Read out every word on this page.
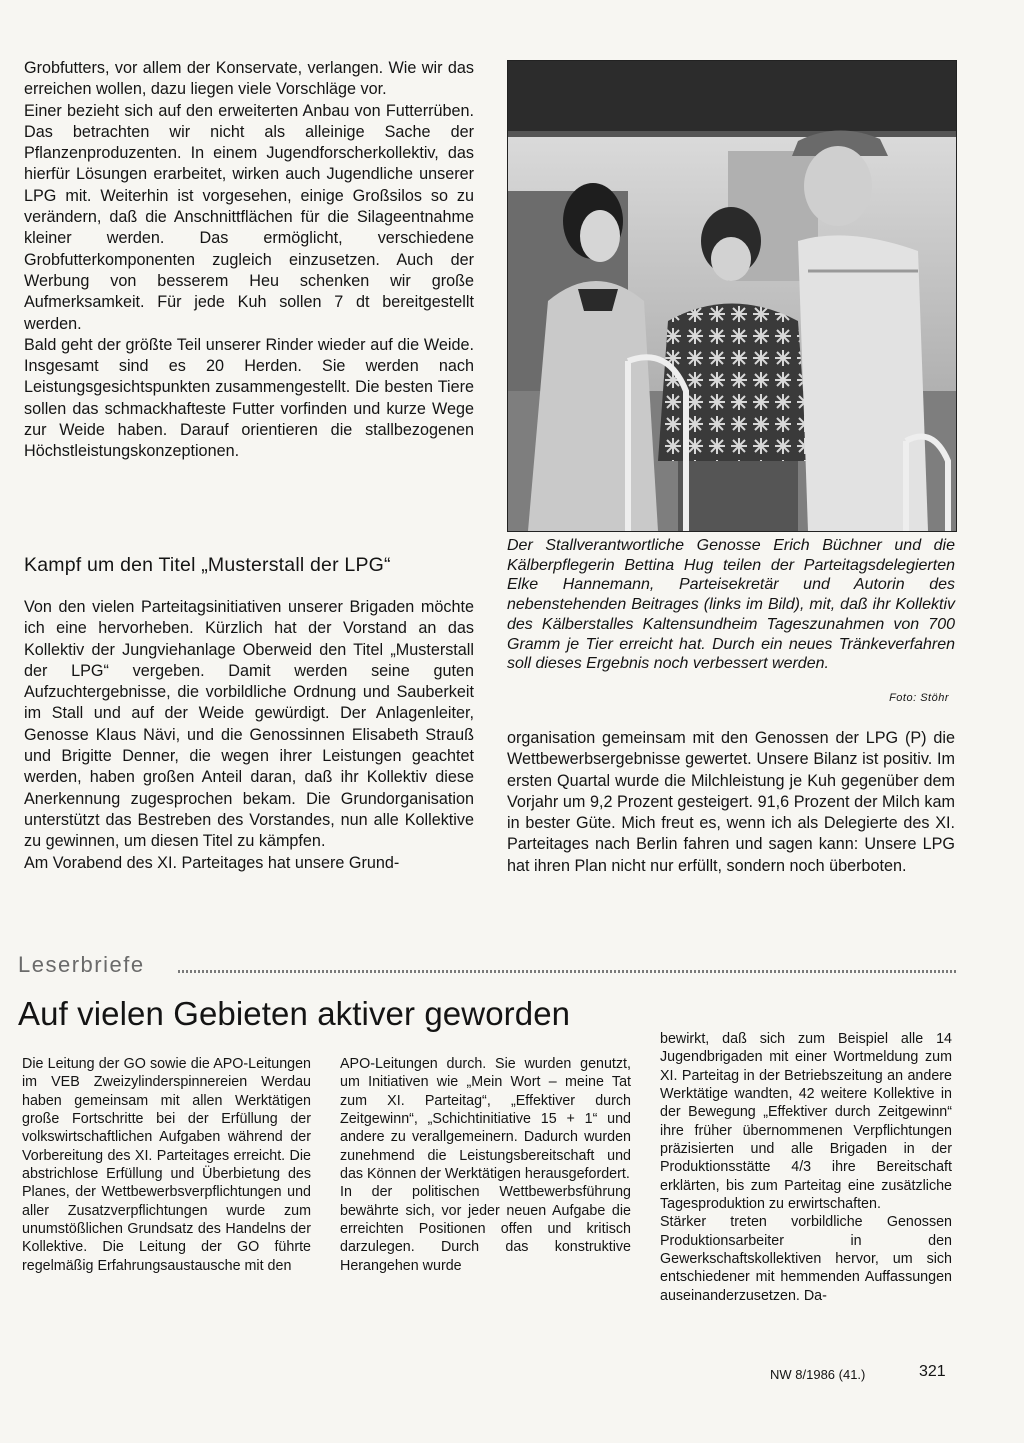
Grobfutters, vor allem der Konservate, verlangen. Wie wir das erreichen wollen, dazu liegen viele Vorschläge vor.

Einer bezieht sich auf den erweiterten Anbau von Futterrüben. Das betrachten wir nicht als alleinige Sache der Pflanzenproduzenten. In einem Jugendforscherkollektiv, das hierfür Lösungen erarbeitet, wirken auch Jugendliche unserer LPG mit. Weiterhin ist vorgesehen, einige Großsilos so zu verändern, daß die Anschnittflächen für die Silageentnahme kleiner werden. Das ermöglicht, verschiedene Grobfutterkomponenten zugleich einzusetzen. Auch der Werbung von besserem Heu schenken wir große Aufmerksamkeit. Für jede Kuh sollen 7 dt bereitgestellt werden.

Bald geht der größte Teil unserer Rinder wieder auf die Weide. Insgesamt sind es 20 Herden. Sie werden nach Leistungsgesichtspunkten zusammengestellt. Die besten Tiere sollen das schmackhafteste Futter vorfinden und kurze Wege zur Weide haben. Darauf orientieren die stallbezogenen Höchstleistungskonzeptionen.

Kampf um den Titel „Musterstall der LPG“

Von den vielen Parteitagsinitiativen unserer Brigaden möchte ich eine hervorheben. Kürzlich hat der Vorstand an das Kollektiv der Jungviehanlage Oberweid den Titel „Musterstall der LPG“ vergeben. Damit werden seine guten Aufzuchtergebnisse, die vorbildliche Ordnung und Sauberkeit im Stall und auf der Weide gewürdigt. Der Anlagenleiter, Genosse Klaus Nävi, und die Genossinnen Elisabeth Strauß und Brigitte Denner, die wegen ihrer Leistungen geachtet werden, haben großen Anteil daran, daß ihr Kollektiv diese Anerkennung zugesprochen bekam. Die Grundorganisation unterstützt das Bestreben des Vorstandes, nun alle Kollektive zu gewinnen, um diesen Titel zu kämpfen.

Am Vorabend des XI. Parteitages hat unsere Grund-

Der Stallverantwortliche Genosse Erich Büchner und die Kälberpflegerin Bettina Hug teilen der Parteitagsdelegierten Elke Hannemann, Parteisekretär und Autorin des nebenstehenden Beitrages (links im Bild), mit, daß ihr Kollektiv des Kälberstalles Kaltensundheim Tageszunahmen von 700 Gramm je Tier erreicht hat. Durch ein neues Tränkeverfahren soll dieses Ergebnis noch verbessert werden.
Foto: Stöhr

organisation gemeinsam mit den Genossen der LPG (P) die Wettbewerbsergebnisse gewertet. Unsere Bilanz ist positiv. Im ersten Quartal wurde die Milchleistung je Kuh gegenüber dem Vorjahr um 9,2 Prozent gesteigert. 91,6 Prozent der Milch kam in bester Güte. Mich freut es, wenn ich als Delegierte des XI. Parteitages nach Berlin fahren und sagen kann: Unsere LPG hat ihren Plan nicht nur erfüllt, sondern noch überboten.

Leserbriefe
Auf vielen Gebieten aktiver geworden

Die Leitung der GO sowie die APO-Leitungen im VEB Zweizylinderspinnereien Werdau haben gemeinsam mit allen Werktätigen große Fortschritte bei der Erfüllung der volkswirtschaftlichen Aufgaben während der Vorbereitung des XI. Parteitages erreicht. Die abstrichlose Erfüllung und Überbietung des Planes, der Wettbewerbsverpflichtungen und aller Zusatzverpflichtungen wurde zum unumstößlichen Grundsatz des Handelns der Kollektive. Die Leitung der GO führte regelmäßig Erfahrungsaustausche mit den

APO-Leitungen durch. Sie wurden genutzt, um Initiativen wie „Mein Wort – meine Tat zum XI. Parteitag“, „Effektiver durch Zeitgewinn“, „Schichtinitiative 15 + 1“ und andere zu verallgemeinern. Dadurch wurden zunehmend die Leistungsbereitschaft und das Können der Werktätigen herausgefordert.

In der politischen Wettbewerbsführung bewährte sich, vor jeder neuen Aufgabe die erreichten Positionen offen und kritisch darzulegen. Durch das konstruktive Herangehen wurde

bewirkt, daß sich zum Beispiel alle 14 Jugendbrigaden mit einer Wortmeldung zum XI. Parteitag in der Betriebszeitung an andere Werktätige wandten, 42 weitere Kollektive in der Bewegung „Effektiver durch Zeitgewinn“ ihre früher übernommenen Verpflichtungen präzisierten und alle Brigaden in der Produktionsstätte 4/3 ihre Bereitschaft erklärten, bis zum Parteitag eine zusätzliche Tagesproduktion zu erwirtschaften.

Stärker treten vorbildliche Genossen Produktionsarbeiter in den Gewerkschaftskollektiven hervor, um sich entschiedener mit hemmenden Auffassungen auseinanderzusetzen. Da-

NW 8/1986 (41.)	321
